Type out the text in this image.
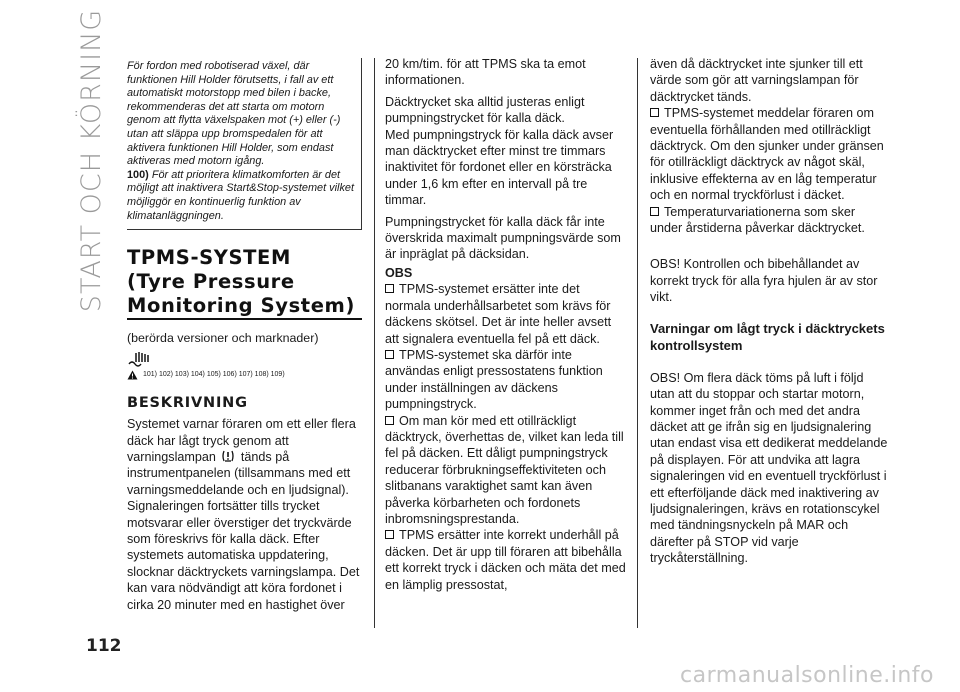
START OCH KÖRNING För fordon med robotiserad växel, där funktionen Hill Holder förutsetts, i fall av ett automatiskt motorstopp med bilen i backe, rekommenderas det att starta om motorn genom att flytta växelspaken mot (+) eller (-) utan att släppa upp bromspedalen för att aktivera funktionen Hill Holder, som endast aktiveras med motorn igång.

100) För att prioritera klimatkomforten är det möjligt att inaktivera Start&Stop-systemet vilket möjliggör en kontinuerlig funktion av klimatanläggningen.

TPMS-SYSTEM
(Tyre Pressure
Monitoring System)
(berörda versioner och marknader)
101) 102) 103) 104) 105) 106) 107) 108) 109)
BESKRIVNING
Systemet varnar föraren om ett eller flera däck har lågt tryck genom att varningslampan  tänds på instrumentpanelen (tillsammans med ett varningsmeddelande och en ljudsignal). Signaleringen fortsätter tills trycket motsvarar eller överstiger det tryckvärde som föreskrivs för kalla däck. Efter systemets automatiska uppdatering, slocknar däcktryckets varningslampa. Det kan vara nödvändigt att köra fordonet i cirka 20 minuter med en hastighet över
20 km/tim. för att TPMS ska ta emot informationen.
Däcktrycket ska alltid justeras enligt pumpningstrycket för kalla däck.
Med pumpningstryck för kalla däck avser man däcktrycket efter minst tre timmars inaktivitet för fordonet eller en körsträcka under 1,6 km efter en intervall på tre timmar.
Pumpningstrycket för kalla däck får inte överskrida maximalt pumpningsvärde som är inpräglat på däcksidan.
OBS
TPMS-systemet ersätter inte det normala underhållsarbetet som krävs för däckens skötsel. Det är inte heller avsett att signalera eventuella fel på ett däck.
TPMS-systemet ska därför inte användas enligt pressostatens funktion under inställningen av däckens pumpningstryck.
Om man kör med ett otillräckligt däcktryck, överhettas de, vilket kan leda till fel på däcken. Ett dåligt pumpningstryck reducerar förbrukningseffektiviteten och slitbanans varaktighet samt kan även påverka körbarheten och fordonets inbromsningsprestanda.
TPMS ersätter inte korrekt underhåll på däcken. Det är upp till föraren att bibehålla ett korrekt tryck i däcken och mäta det med en lämplig pressostat,
även då däcktrycket inte sjunker till ett värde som gör att varningslampan för däcktrycket tänds.
TPMS-systemet meddelar föraren om eventuella förhållanden med otillräckligt däcktryck. Om den sjunker under gränsen för otillräckligt däcktryck av något skäl, inklusive effekterna av en låg temperatur och en normal tryckförlust i däcket.
Temperaturvariationerna som sker under årstiderna påverkar däcktrycket.
OBS! Kontrollen och bibehållandet av korrekt tryck för alla fyra hjulen är av stor vikt.
Varningar om lågt tryck i däcktryckets kontrollsystem
OBS! Om flera däck töms på luft i följd utan att du stoppar och startar motorn, kommer inget från och med det andra däcket att ge ifrån sig en ljudsignalering utan endast visa ett dedikerat meddelande på displayen. För att undvika att lagra signaleringen vid en eventuell tryckförlust i ett efterföljande däck med inaktivering av ljudsignaleringen, krävs en rotationscykel med tändningsnyckeln på MAR och därefter på STOP vid varje tryckåterställning.
112
carmanualsonline.info
